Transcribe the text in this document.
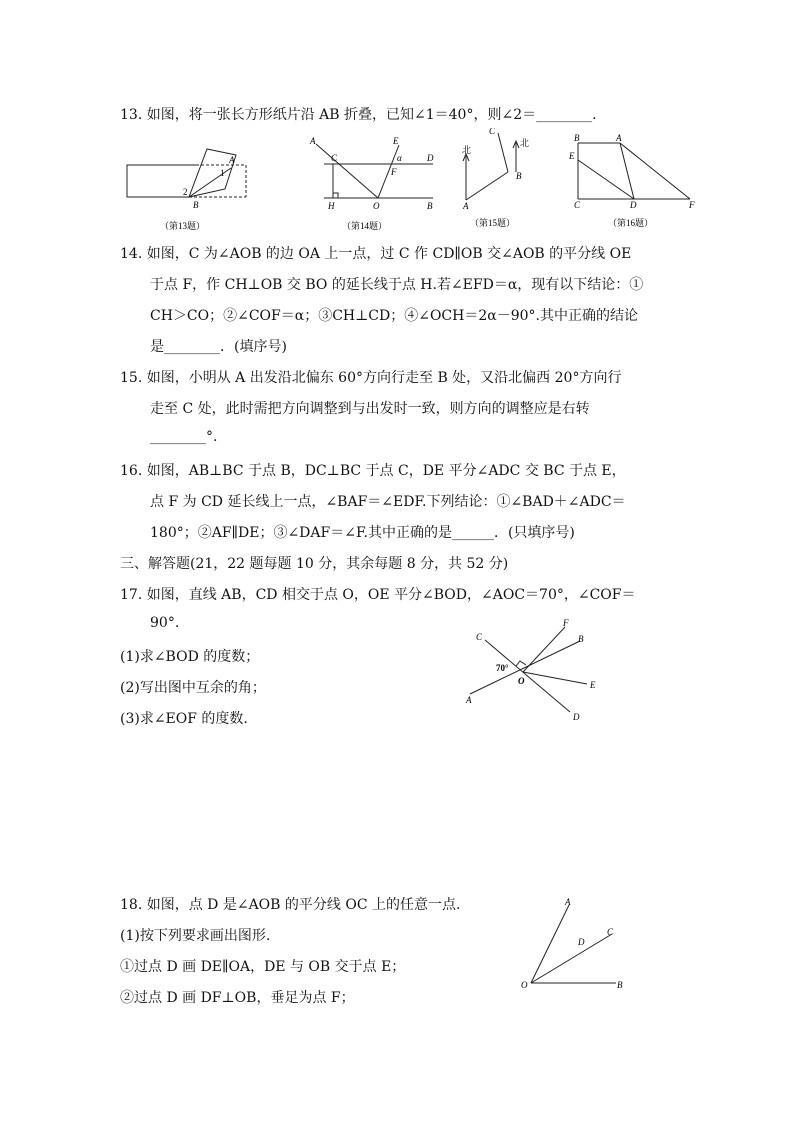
13. 如图，将一张长方形纸片沿 AB 折叠，已知∠1＝40°，则∠2＝________．
A
B
1
2
（第13题）
A	E
C	α	D
F
H	O	B
（第14题）
北
北
C
B
A
（第15题）
B	A
E
C	D	F
（第16题）
14. 如图，C 为∠AOB 的边 OA 上一点，过 C 作 CD∥OB 交∠AOB 的平分线 OE
于点 F，作 CH⊥OB 交 BO 的延长线于点 H.若∠EFD＝α，现有以下结论：①
CH＞CO；②∠COF＝α；③CH⊥CD；④∠OCH＝2α－90°.其中正确的结论
是________．(填序号)
15. 如图，小明从 A 出发沿北偏东 60°方向行走至 B 处，又沿北偏西 20°方向行
走至 C 处，此时需把方向调整到与出发时一致，则方向的调整应是右转
________°.
16. 如图，AB⊥BC 于点 B，DC⊥BC 于点 C，DE 平分∠ADC 交 BC 于点 E，
点 F 为 CD 延长线上一点，∠BAF＝∠EDF.下列结论：①∠BAD＋∠ADC＝
180°；②AF∥DE；③∠DAF＝∠F.其中正确的是______．(只填序号)
三、解答题(21，22 题每题 10 分，其余每题 8 分，共 52 分)
17. 如图，直线 AB，CD 相交于点 O，OE 平分∠BOD，∠AOC＝70°，∠COF＝
90°.
(1)求∠BOD 的度数；
(2)写出图中互余的角；
(3)求∠EOF 的度数.
C
F
B
70°
O	E
A
D
18. 如图，点 D 是∠AOB 的平分线 OC 上的任意一点.
(1)按下列要求画出图形.
①过点 D 画 DE∥OA，DE 与 OB 交于点 E；
②过点 D 画 DF⊥OB，垂足为点 F；
A
C
D
O	B
